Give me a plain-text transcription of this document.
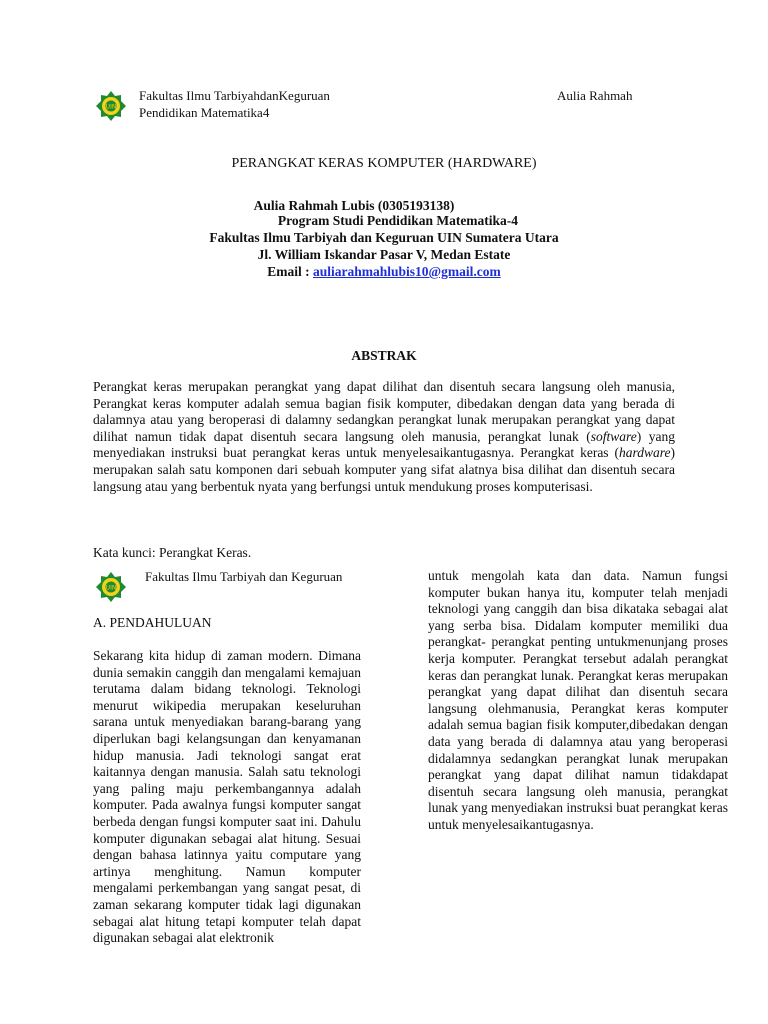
UIN
Fakultas Ilmu TarbiyahdanKeguruan
Pendidikan Matematika4
Aulia Rahmah
PERANGKAT KERAS KOMPUTER (HARDWARE)
Aulia Rahmah Lubis (0305193138)
Program Studi Pendidikan Matematika-4
Fakultas Ilmu Tarbiyah dan Keguruan UIN Sumatera Utara
Jl. William Iskandar Pasar V, Medan Estate
Email : auliarahmahlubis10@gmail.com
ABSTRAK

Perangkat keras merupakan perangkat yang dapat dilihat dan disentuh secara langsung oleh manusia, Perangkat keras komputer adalah semua bagian fisik komputer, dibedakan dengan data yang berada di dalamnya atau yang beroperasi di dalamny sedangkan perangkat lunak merupakan perangkat yang dapat dilihat namun tidak dapat disentuh secara langsung oleh manusia, perangkat lunak (software) yang menyediakan instruksi buat perangkat keras untuk menyelesaikantugasnya. Perangkat keras (hardware) merupakan salah satu komponen dari sebuah komputer yang sifat alatnya bisa dilihat dan disentuh secara langsung atau yang berbentuk nyata yang berfungsi untuk mendukung proses komputerisasi.

Kata kunci: Perangkat Keras.
UIN
Fakultas Ilmu Tarbiyah dan Keguruan
A. PENDAHULUAN
Sekarang kita hidup di zaman modern. Dimana dunia semakin canggih dan mengalami kemajuan terutama dalam bidang teknologi. Teknologi menurut wikipedia merupakan keseluruhan sarana untuk menyediakan barang-barang yang diperlukan bagi kelangsungan dan kenyamanan hidup manusia. Jadi teknologi sangat erat kaitannya dengan manusia. Salah satu teknologi yang paling maju perkembangannya adalah komputer. Pada awalnya fungsi komputer sangat berbeda dengan fungsi komputer saat ini. Dahulu komputer digunakan sebagai alat hitung. Sesuai dengan bahasa latinnya yaitu computare yang artinya menghitung. Namun komputer mengalami perkembangan yang sangat pesat, di zaman sekarang komputer tidak lagi digunakan sebagai alat hitung tetapi komputer telah dapat digunakan sebagai alat elektronik
untuk mengolah kata dan data. Namun fungsi komputer bukan hanya itu, komputer telah menjadi teknologi yang canggih dan bisa dikataka sebagai alat yang serba bisa. Didalam komputer memiliki dua perangkat- perangkat penting untukmenunjang proses kerja komputer. Perangkat tersebut adalah perangkat keras dan perangkat lunak. Perangkat keras merupakan perangkat yang dapat dilihat dan disentuh secara langsung olehmanusia, Perangkat keras komputer adalah semua bagian fisik komputer,dibedakan dengan data yang berada di dalamnya atau yang beroperasi didalamnya sedangkan perangkat lunak merupakan perangkat yang dapat dilihat namun tidakdapat disentuh secara langsung oleh manusia, perangkat lunak yang menyediakan instruksi buat perangkat keras untuk menyelesaikantugasnya.
